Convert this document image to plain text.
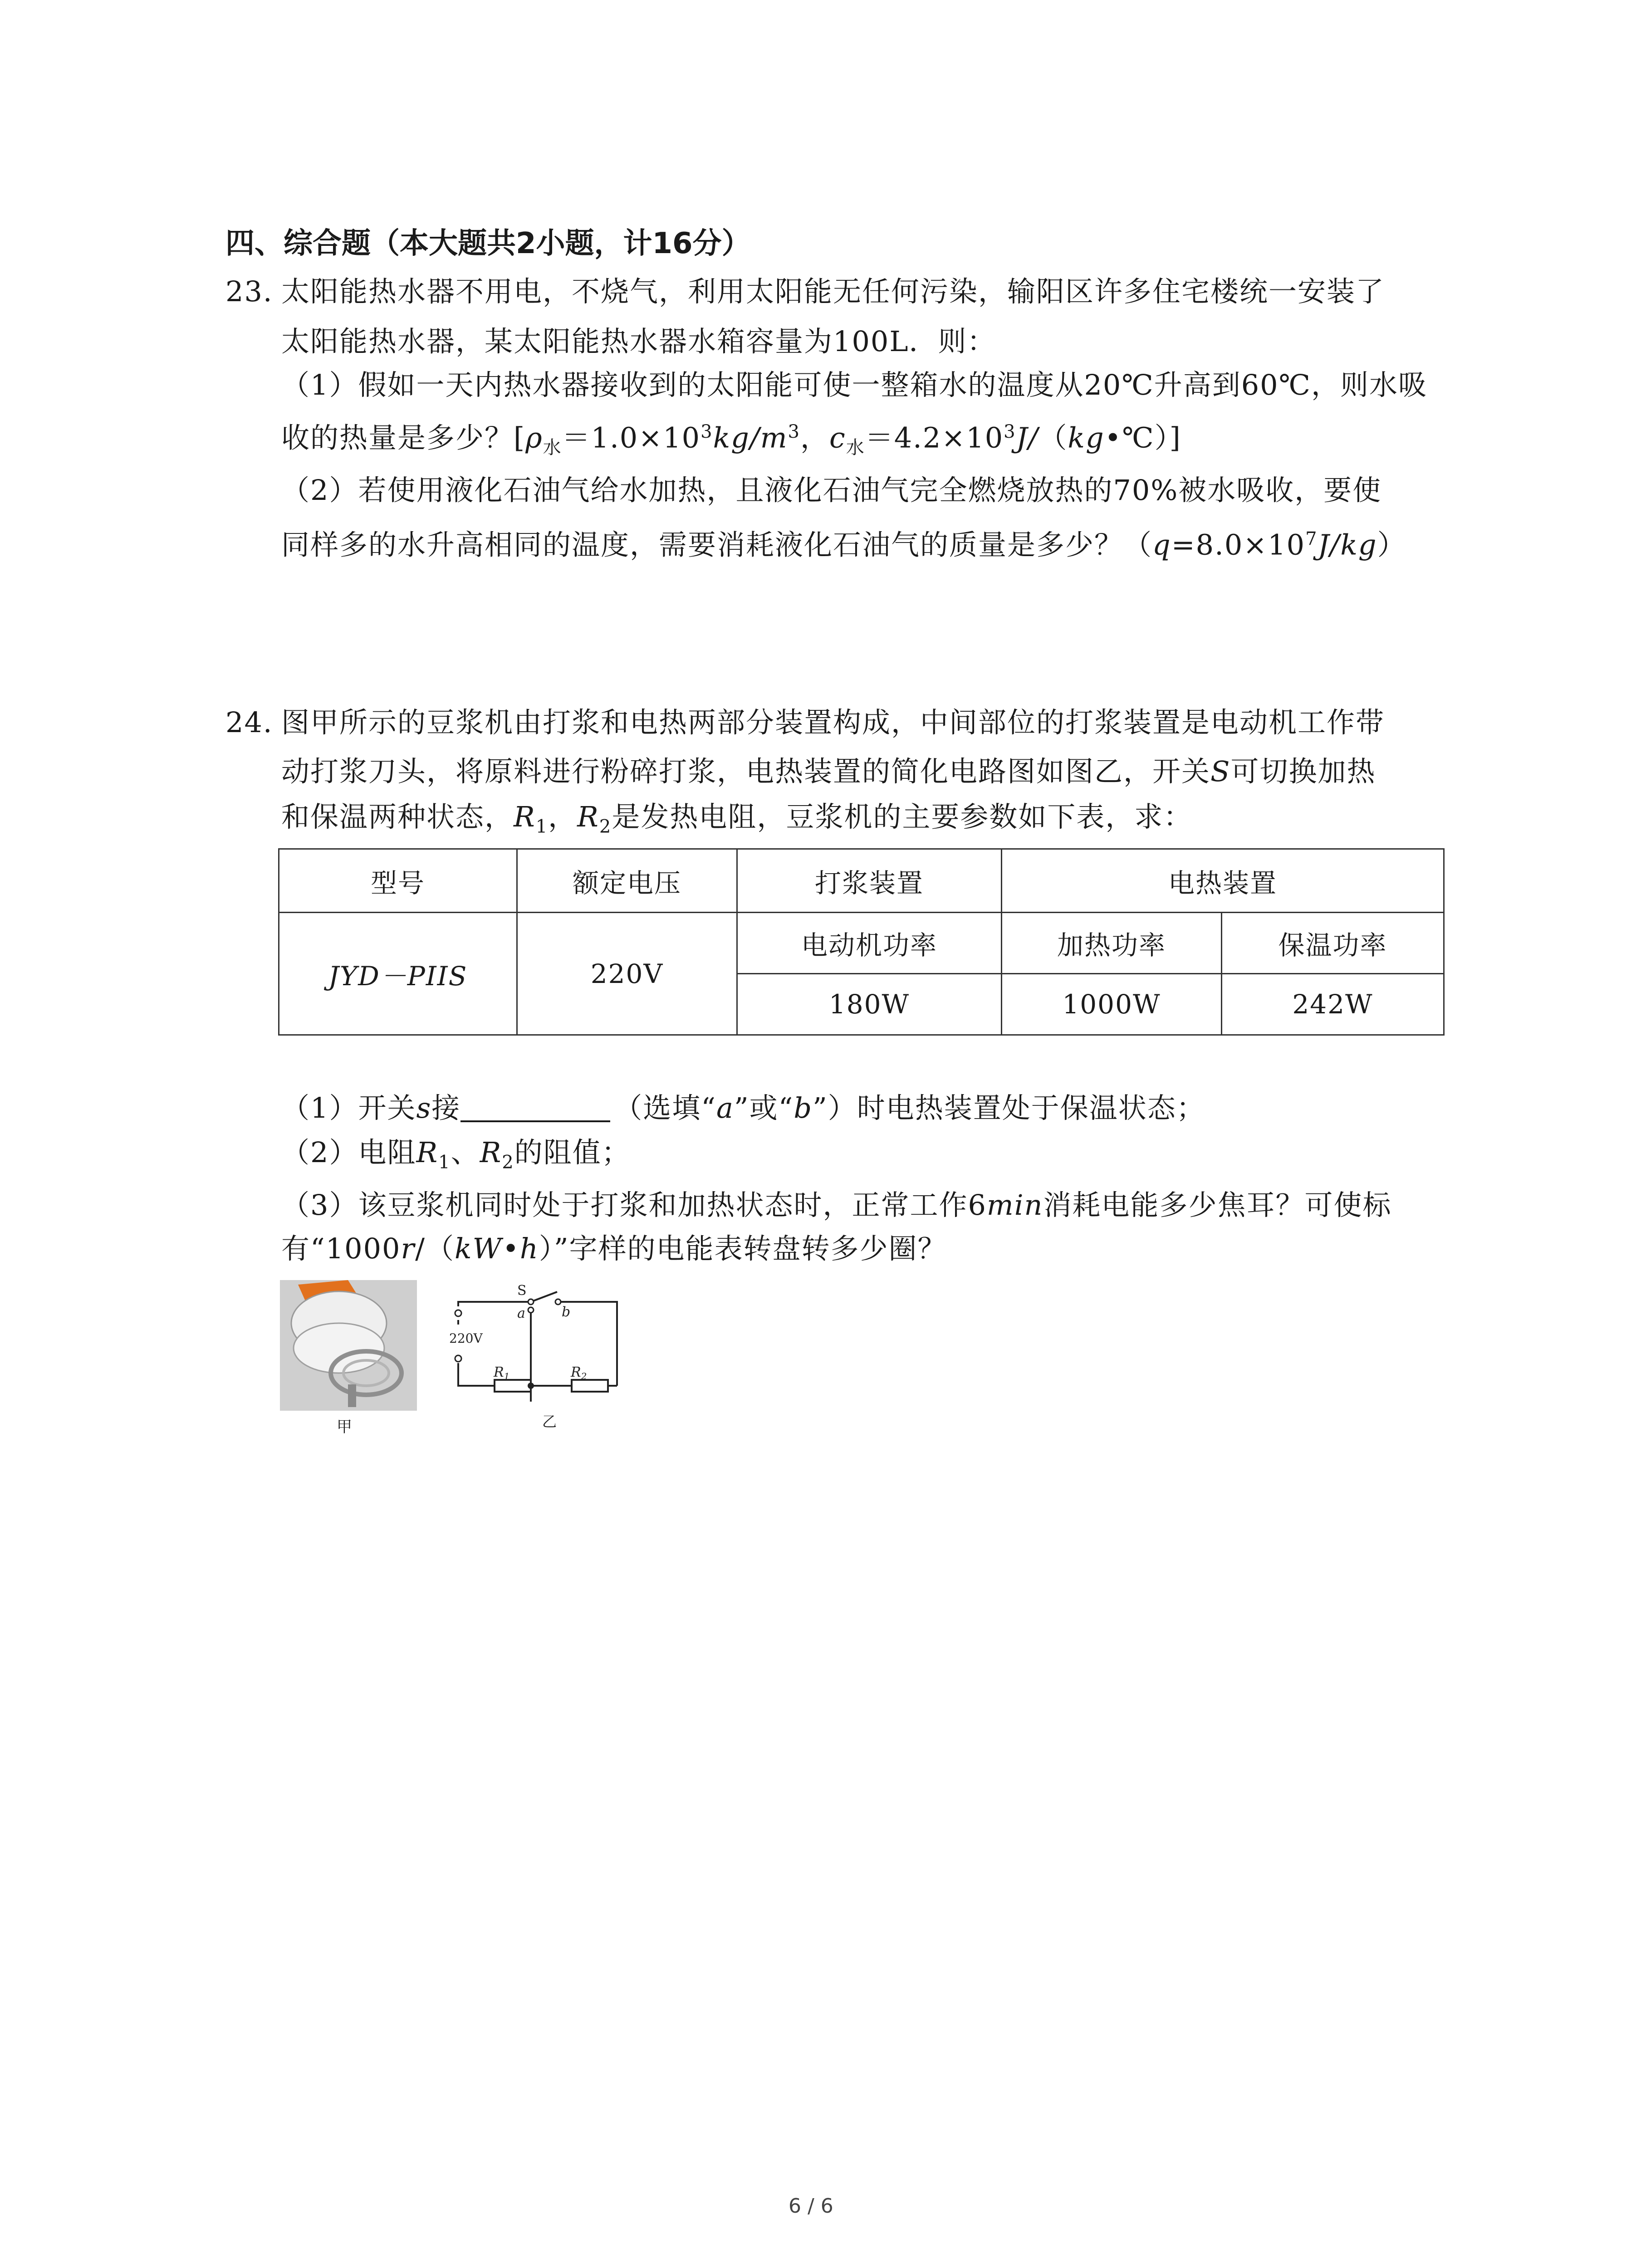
四、综合题（本大题共2小题，计16分）
23. 太阳能热水器不用电，不烧气，利用太阳能无任何污染，输阳区许多住宅楼统一安装了
太阳能热水器，某太阳能热水器水箱容量为100L．则：
（1）假如一天内热水器接收到的太阳能可使一整箱水的温度从20℃升高到60℃，则水吸
收的热量是多少？[$\rho_水=1.0\times 10^3kg/m^3$，$c_水=4.2\times 10^3J/(kg•℃)$]
（2）若使用液化石油气给水加热，且液化石油气完全燃烧放热的70%被水吸收，要使
同样多的水升高相同的温度，需要消耗液化石油气的质量是多少？$(q=8.0\times 10^7J/kg)$
24. 图甲所示的豆浆机由打浆和电热两部分装置构成，中间部位的打浆装置是电动机工作带
动打浆刀头，将原料进行粉碎打浆，电热装置的简化电路图如图乙，开关S可切换加热
和保温两种状态，$R_1$，$R_2$是发热电阻，豆浆机的主要参数如下表，求：
型号	额定电压	打浆装置	电热装置	
JYD－PIIS	220V	电动机功率	加热功率	保温功率
		180W	1000W	242W
（1）开关s接	（选填“a”或“b”）时电热装置处于保温状态；
（2）电阻$R_1$、$R_2$的阻值；
（3）该豆浆机同时处于打浆和加热状态时，正常工作6min消耗电能多少焦耳？可使标
有“1000r/（kW•h）”字样的电能表转盘转多少圈？
甲
S
a	b
220V
$R_1$	$R_2$
乙
6 / 6
